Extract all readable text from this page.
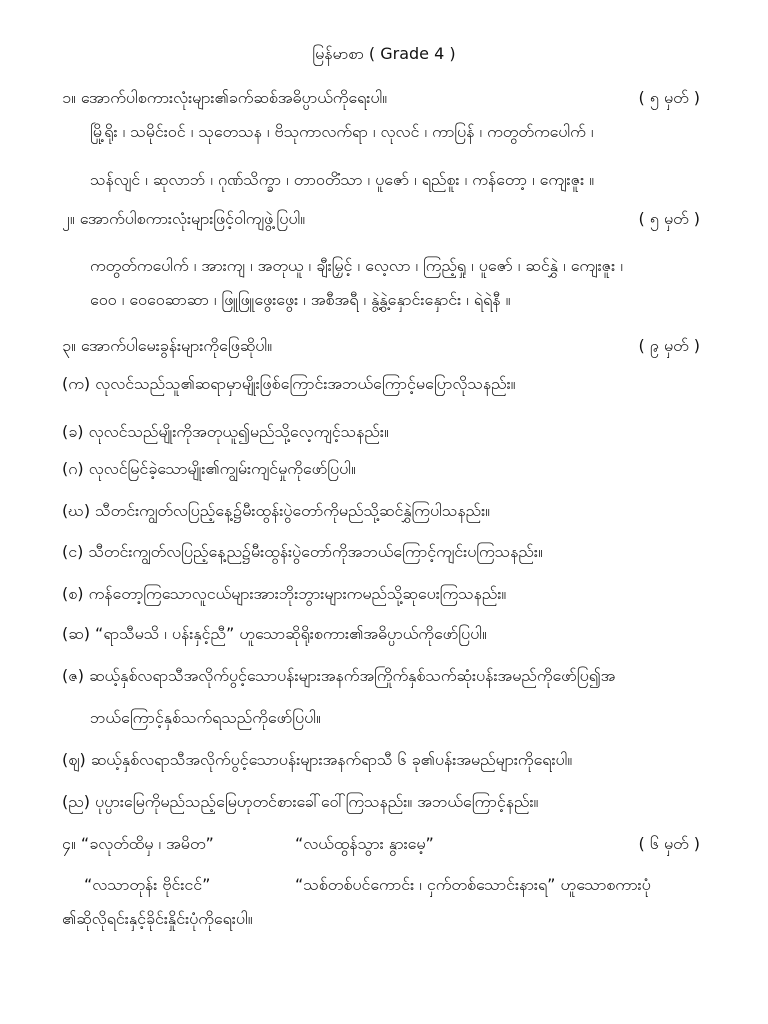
မြန်မာစာ ( Grade 4 )
၁။ အောက်ပါစကားလုံးများ၏ခက်ဆစ်အဓိပ္ပာယ်ကိုရေးပါ။	( ၅ မှတ် )
မြို့ရိုး ၊ သမိုင်းဝင် ၊ သုတေသန ၊ ဗိသုကာလက်ရာ ၊ လုလင် ၊ ကာပြန် ၊ ကတွတ်ကပေါက် ၊
သန်လျင် ၊ ဆုလာဘ် ၊ ဂုဏ်သိက္ခာ ၊ တာဝတိံသာ ၊ ပူဇော် ၊ ရည်စူး ၊ ကန်တော့ ၊ ကျေးဇူး ။
၂။ အောက်ပါစကားလုံးများဖြင့်ဝါကျဖွဲ့ပြပါ။	( ၅ မှတ် )
ကတွတ်ကပေါက် ၊ အားကျ ၊ အတုယူ ၊ ချီးမြှင့် ၊ လေ့လာ ၊ ကြည့်ရှု ၊ ပူဇော် ၊ ဆင်နွှဲ ၊ ကျေးဇူး ၊
ဝေဝ ၊ ဝေဝေဆာဆာ ၊ ဖြူဖြူဖွေးဖွေး ၊ အစီအရီ ၊ နွဲ့နွဲ့နှောင်းနှောင်း ၊ ရဲရဲနီ ။
၃။ အောက်ပါမေးခွန်းများကိုဖြေဆိုပါ။	( ၉ မှတ် )
(က) လုလင်သည်သူ၏ဆရာမှာမျိုးဖြစ်ကြောင်းအဘယ်ကြောင့်မပြောလိုသနည်း။
(ခ) လုလင်သည်မျိုးကိုအတုယူ၍မည်သို့လေ့ကျင့်သနည်း။
(ဂ) လုလင်မြင်ခဲ့သောမျိုး၏ကျွမ်းကျင်မှုကိုဖော်ပြပါ။
(ဃ) သီတင်းကျွတ်လပြည့်နေ့၌မီးထွန်းပွဲတော်ကိုမည်သို့ဆင်နွှဲကြပါသနည်း။
(င) သီတင်းကျွတ်လပြည့်နေ့ည၌မီးထွန်းပွဲတော်ကိုအဘယ်ကြောင့်ကျင်းပကြသနည်း။
(စ) ကန်တော့ကြသောလူငယ်များအားဘိုးဘွားများကမည်သို့ဆုပေးကြသနည်း။
(ဆ) “ရာသီမသိ ၊ ပန်းနှင့်ညီ” ဟူသောဆိုရိုးစကား၏အဓိပ္ပာယ်ကိုဖော်ပြပါ။
(ဇ) ဆယ့်နှစ်လရာသီအလိုက်ပွင့်သောပန်းများအနက်အကြိုက်နှစ်သက်ဆုံးပန်းအမည်ကိုဖော်ပြ၍အ
ဘယ်ကြောင့်နှစ်သက်ရသည်ကိုဖော်ပြပါ။
(ဈ) ဆယ့်နှစ်လရာသီအလိုက်ပွင့်သောပန်းများအနက်ရာသီ ၆ ခု၏ပန်းအမည်များကိုရေးပါ။
(ည) ပုပ္ပားမြေကိုမည်သည့်မြေဟုတင်စားခေါ်ဝေါ်ကြသနည်း။ အဘယ်ကြောင့်နည်း။
၄။ “ခလုတ်ထိမှ ၊ အမိတ”	“လယ်ထွန်သွား နွားမေ့”	( ၆ မှတ် )
“လသာတုန်း ဗိုင်းငင်”	“သစ်တစ်ပင်ကောင်း ၊ ငှက်တစ်သောင်းနားရ” ဟူသောစကားပုံ
၏ဆိုလိုရင်းနှင့်ခိုင်းနှိုင်းပုံကိုရေးပါ။
